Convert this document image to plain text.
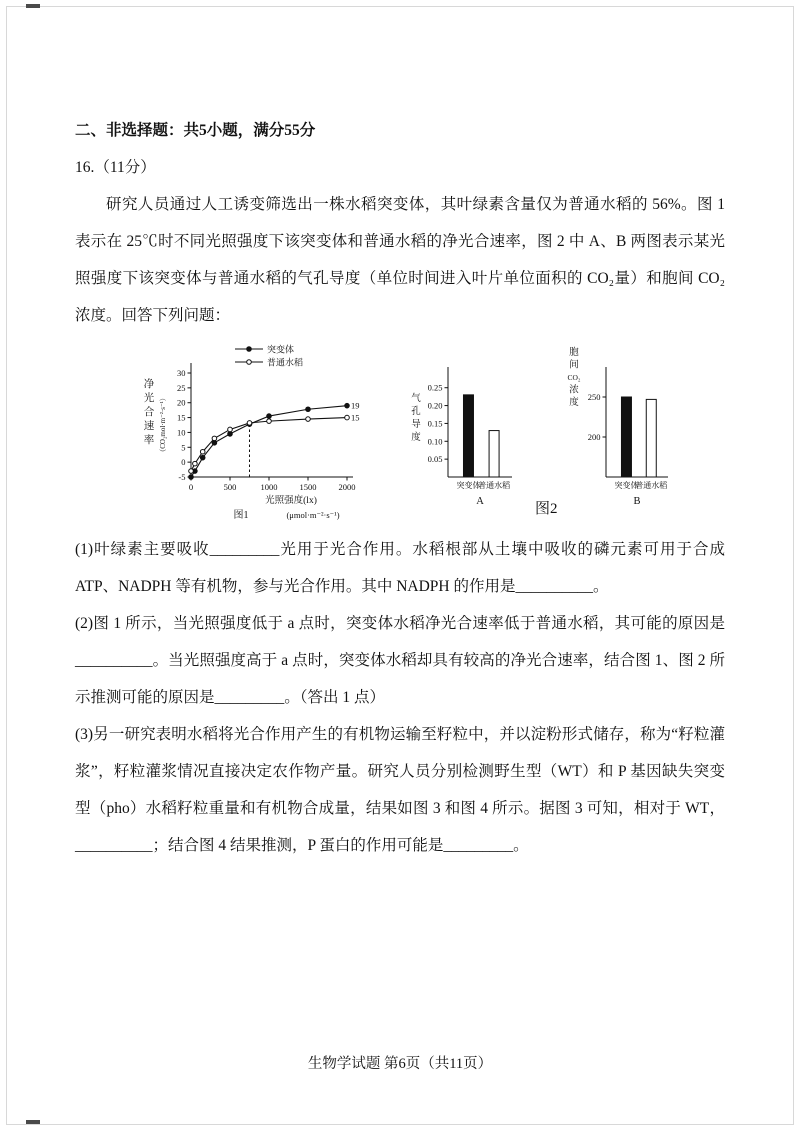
二、非选择题：共5小题，满分55分

16.（11分）

研究人员通过人工诱变筛选出一株水稻突变体，其叶绿素含量仅为普通水稻的 56%。图 1 表示在 25℃时不同光照强度下该突变体和普通水稻的净光合速率，图 2 中 A、B 两图表示某光照强度下该突变体与普通水稻的气孔导度（单位时间进入叶片单位面积的 CO₂量）和胞间 CO₂浓度。回答下列问题：

-5
0
5
10
15
20
25
30
0	500	1000	1500	2000
19
突变体
15
普通水稻
净
光
合
速
率 （CO₂mol·m⁻²·s⁻¹）
光照强度(lx)
图1	(μmol·m⁻²·s⁻¹)
0.05
0.10
0.15
0.20
0.25
突变体
普通水稻
A
气
孔
导
度
图2
200
250
突变体
普通水稻
B
胞
间
CO₂
浓
度

(1)叶绿素主要吸收_________光用于光合作用。水稻根部从土壤中吸收的磷元素可用于合成 ATP、NADPH 等有机物，参与光合作用。其中 NADPH 的作用是__________。

(2)图 1 所示，当光照强度低于 a 点时，突变体水稻净光合速率低于普通水稻，其可能的原因是__________。当光照强度高于 a 点时，突变体水稻却具有较高的净光合速率，结合图 1、图 2 所示推测可能的原因是_________。（答出 1 点）

(3)另一研究表明水稻将光合作用产生的有机物运输至籽粒中，并以淀粉形式储存，称为“籽粒灌浆”，籽粒灌浆情况直接决定农作物产量。研究人员分别检测野生型（WT）和 P 基因缺失突变型（pho）水稻籽粒重量和有机物合成量，结果如图 3 和图 4 所示。据图 3 可知，相对于 WT，__________；结合图 4 结果推测，P 蛋白的作用可能是_________。

生物学试题 第6页（共11页）
